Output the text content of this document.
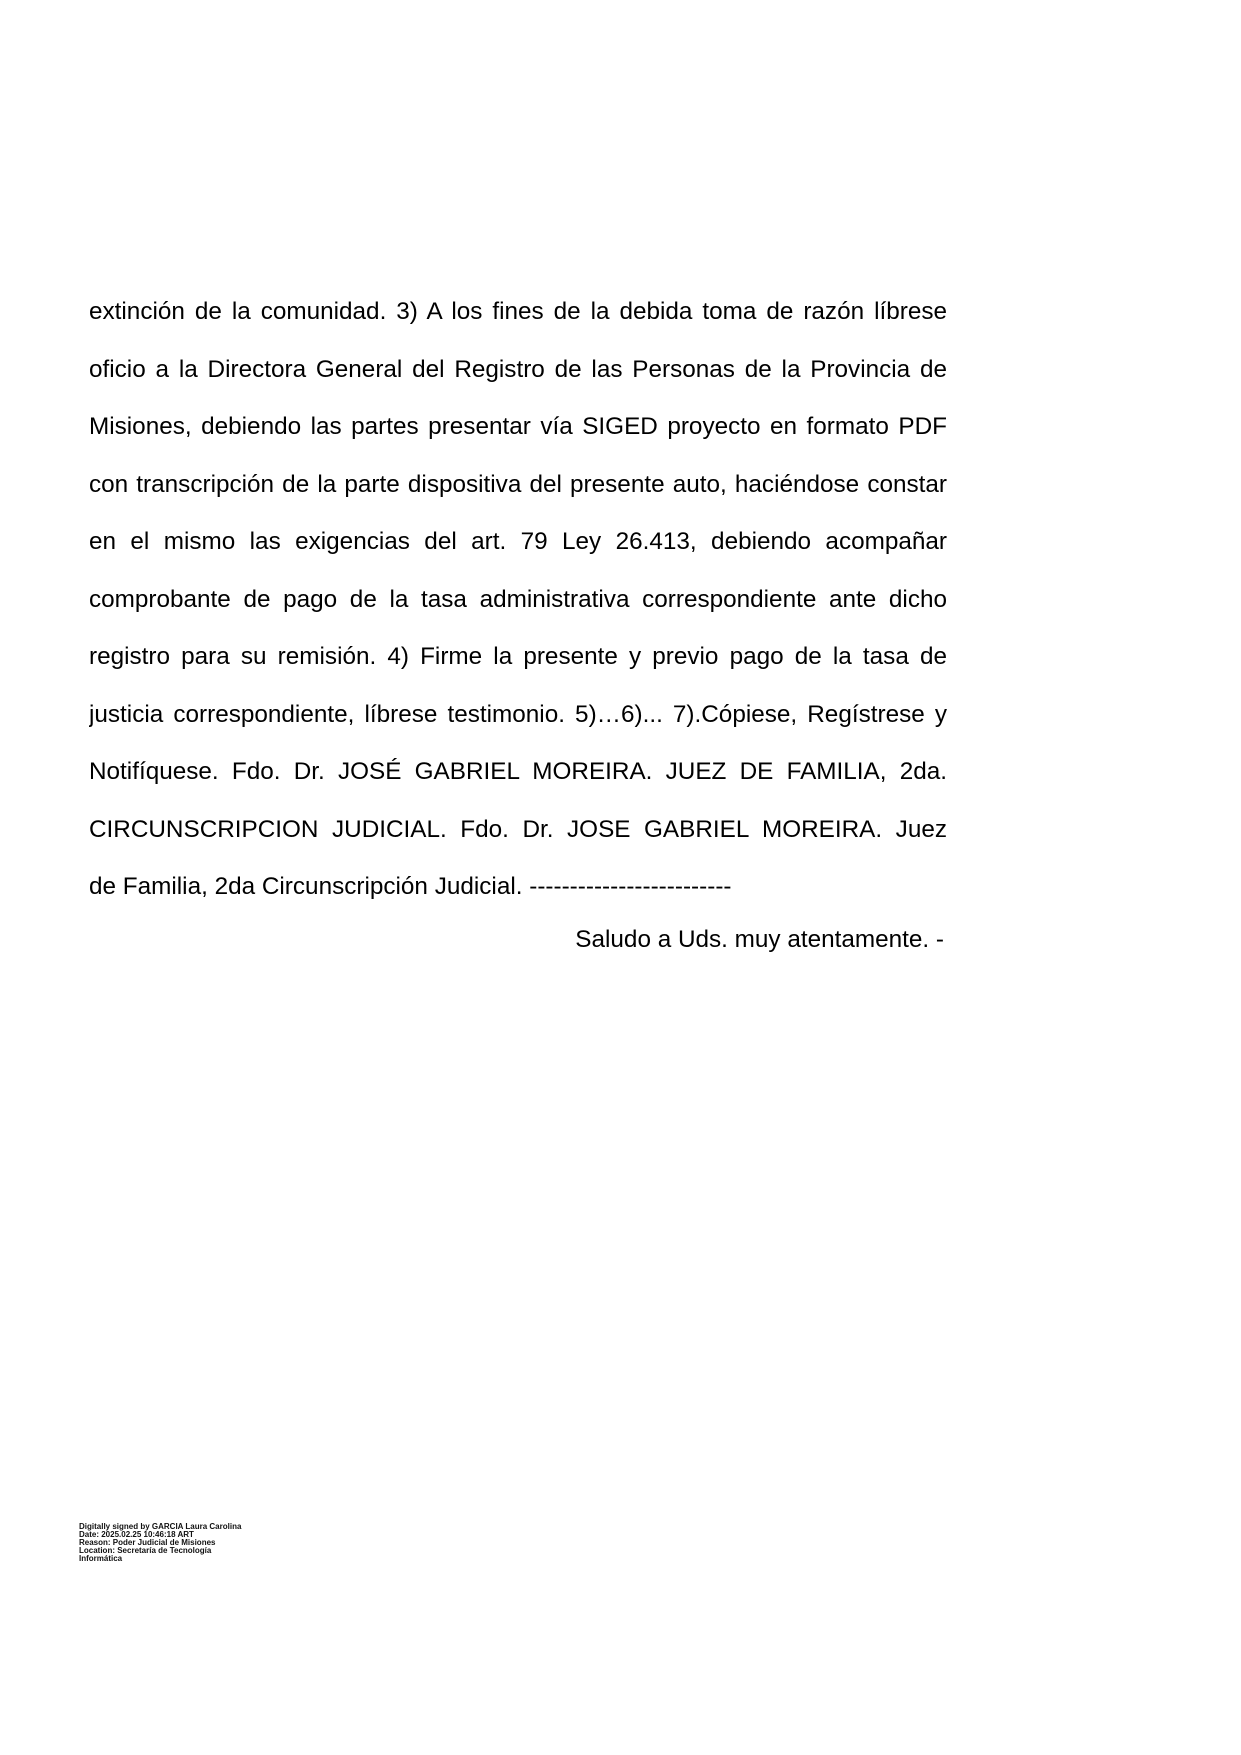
extinción de la comunidad. 3) A los fines de la debida toma de razón líbrese
oficio a la Directora General del Registro de las Personas de la Provincia de
Misiones, debiendo las partes presentar vía SIGED proyecto en formato PDF
con transcripción de la parte dispositiva del presente auto, haciéndose constar
en el mismo las exigencias del art. 79 Ley 26.413, debiendo acompañar
comprobante de pago de la tasa administrativa correspondiente ante dicho
registro para su remisión. 4) Firme la presente y previo pago de la tasa de
justicia correspondiente, líbrese testimonio. 5)…6)... 7).Cópiese, Regístrese y
Notifíquese. Fdo. Dr. JOSÉ GABRIEL MOREIRA. JUEZ DE FAMILIA, 2da.
CIRCUNSCRIPCION JUDICIAL. Fdo. Dr. JOSE GABRIEL MOREIRA. Juez
de Familia, 2da Circunscripción Judicial. -------------------------
Saludo a Uds. muy atentamente. -
Digitally signed by GARCIA Laura Carolina
Date: 2025.02.25 10:46:18 ART
Reason: Poder Judicial de Misiones
Location: Secretaría de Tecnología
Informática
